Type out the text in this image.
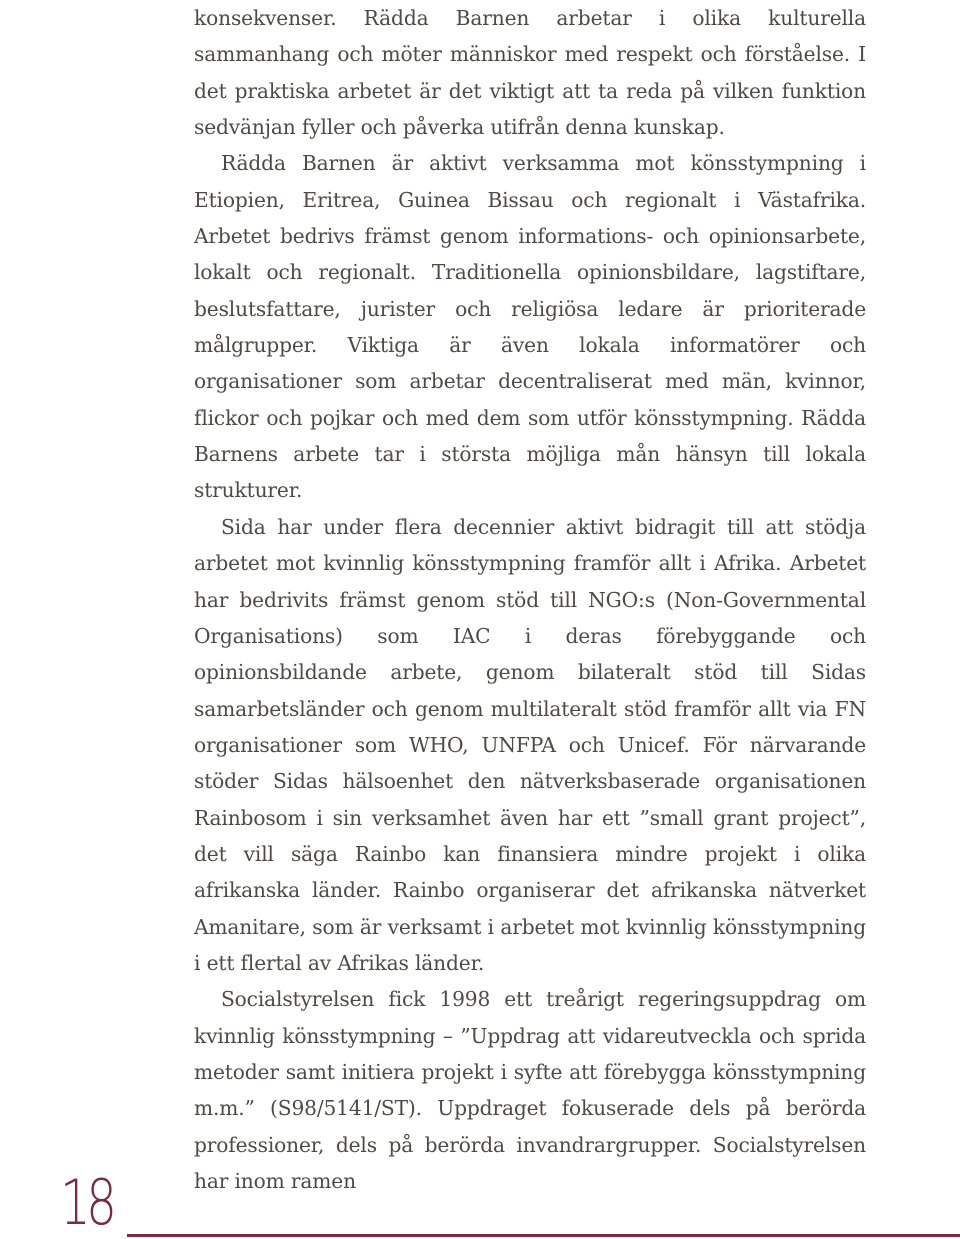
konsekvenser. Rädda Barnen arbetar i olika kulturella sammanhang och möter människor med respekt och förståelse. I det praktiska arbetet är det viktigt att ta reda på vilken funktion sedvänjan fyller och påverka utifrån denna kunskap.

Rädda Barnen är aktivt verksamma mot könsstympning i Etiopien, Eritrea, Guinea Bissau och regionalt i Västafrika. Arbetet bedrivs främst genom informations- och opinionsarbete, lokalt och regionalt. Traditionella opinionsbildare, lagstiftare, beslutsfattare, jurister och religiösa ledare är prioriterade målgrupper. Viktiga är även lokala informatörer och organisationer som arbetar decentraliserat med män, kvinnor, flickor och pojkar och med dem som utför könsstympning. Rädda Barnens arbete tar i största möjliga mån hänsyn till lokala strukturer.

Sida har under flera decennier aktivt bidragit till att stödja arbetet mot kvinnlig könsstympning framför allt i Afrika. Arbetet har bedrivits främst genom stöd till NGO:s (Non-Governmental Organisations) som IAC i deras förebyggande och opinionsbildande arbete, genom bilateralt stöd till Sidas samarbetsländer och genom multilateralt stöd framför allt via FN organisationer som WHO, UNFPA och Unicef. För närvarande stöder Sidas hälsoenhet den nätverksbaserade organisationen Rainbosom i sin verksamhet även har ett ”small grant project”, det vill säga Rainbo kan finansiera mindre projekt i olika afrikanska länder. Rainbo organiserar det afrikanska nätverket Amanitare, som är verksamt i arbetet mot kvinnlig könsstympning i ett flertal av Afrikas länder.

Socialstyrelsen fick 1998 ett treårigt regeringsuppdrag om kvinnlig könsstympning – ”Uppdrag att vidareutveckla och sprida metoder samt initiera projekt i syfte att förebygga könsstympning m.m.” (S98/5141/ST). Uppdraget fokuserade dels på berörda professioner, dels på berörda invandrargrupper. Socialstyrelsen har inom ramen

18
